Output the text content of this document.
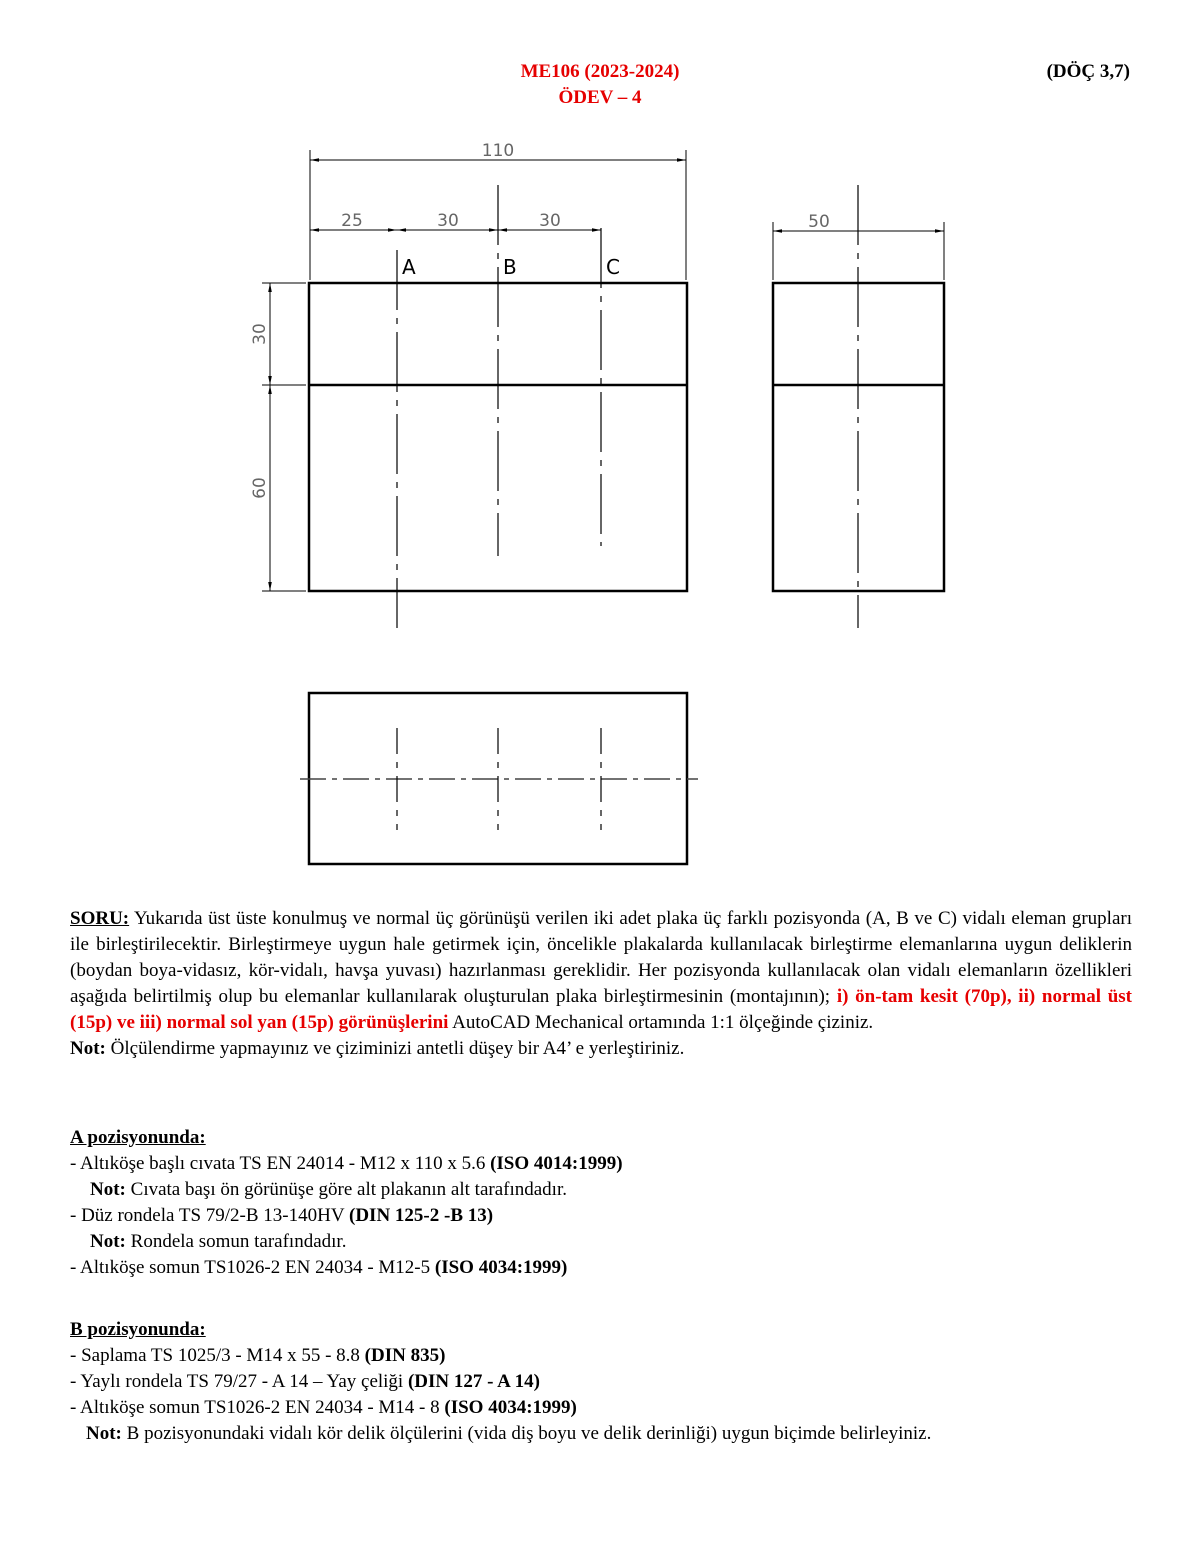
ME106 (2023-2024)
ÖDEV – 4
(DÖÇ 3,7)
110
25	30	30	50
30
60
A	B	C
SORU: Yukarıda üst üste konulmuş ve normal üç görünüşü verilen iki adet plaka üç farklı pozisyonda (A, B ve C) vidalı eleman grupları ile birleştirilecektir. Birleştirmeye uygun hale getirmek için, öncelikle plakalarda kullanılacak birleştirme elemanlarına uygun deliklerin (boydan boya-vidasız, kör-vidalı, havşa yuvası) hazırlanması gereklidir. Her pozisyonda kullanılacak olan vidalı elemanların özellikleri aşağıda belirtilmiş olup bu elemanlar kullanılarak oluşturulan plaka birleştirmesinin (montajının); i) ön-tam kesit (70p), ii) normal üst (15p) ve iii) normal sol yan (15p) görünüşlerini AutoCAD Mechanical ortamında 1:1 ölçeğinde çiziniz.
Not: Ölçülendirme yapmayınız ve çiziminizi antetli düşey bir A4’ e yerleştiriniz.
A pozisyonunda:
- Altıköşe başlı cıvata TS EN 24014 - M12 x 110 x 5.6 (ISO 4014:1999)
Not: Cıvata başı ön görünüşe göre alt plakanın alt tarafındadır.
- Düz rondela TS 79/2-B 13-140HV (DIN 125-2 -B 13)
Not: Rondela somun tarafındadır.
- Altıköşe somun TS1026-2 EN 24034 - M12-5 (ISO 4034:1999)
B pozisyonunda:
- Saplama TS 1025/3 - M14 x 55 - 8.8 (DIN 835)
- Yaylı rondela TS 79/27 - A 14 – Yay çeliği (DIN 127 - A 14)
- Altıköşe somun TS1026-2 EN 24034 - M14 - 8 (ISO 4034:1999)
Not: B pozisyonundaki vidalı kör delik ölçülerini (vida diş boyu ve delik derinliği) uygun biçimde belirleyiniz.
